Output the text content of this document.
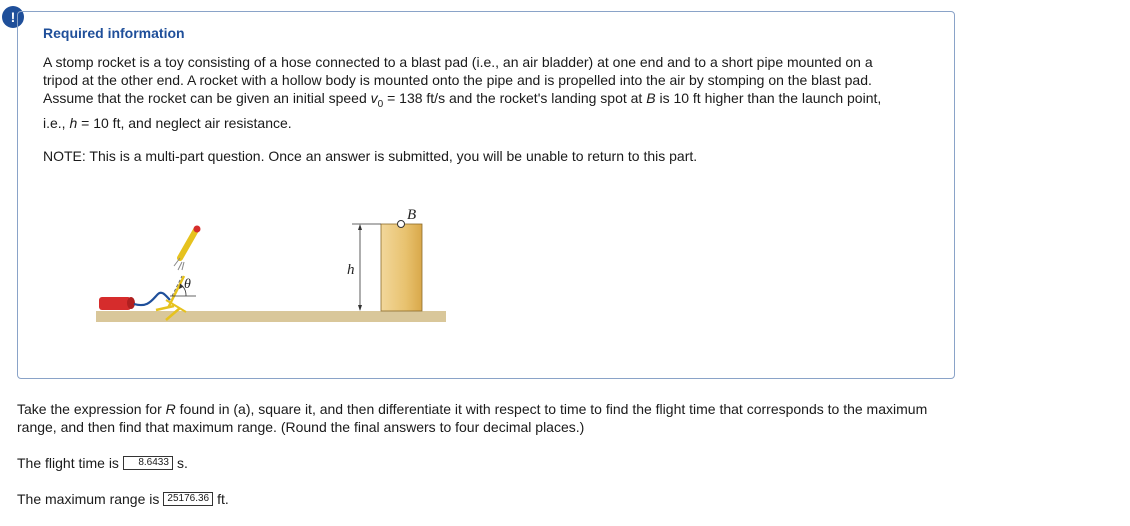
!
Required information

A stomp rocket is a toy consisting of a hose connected to a blast pad (i.e., an air bladder) at one end and to a short pipe mounted on a tripod at the other end. A rocket with a hollow body is mounted onto the pipe and is propelled into the air by stomping on the blast pad. Assume that the rocket can be given an initial speed $v_0 = 138$ ft/s and the rocket's landing spot at B is 10 ft higher than the launch point, i.e., h = 10 ft, and neglect air resistance.

NOTE: This is a multi-part question. Once an answer is submitted, you will be unable to return to this part.

h
B
θ

Take the expression for R found in (a), square it, and then differentiate it with respect to time to find the flight time that corresponds to the maximum range, and then find that maximum range. (Round the final answers to four decimal places.)

The flight time is	8.6433 s.
The maximum range is 25176.36 ft.
